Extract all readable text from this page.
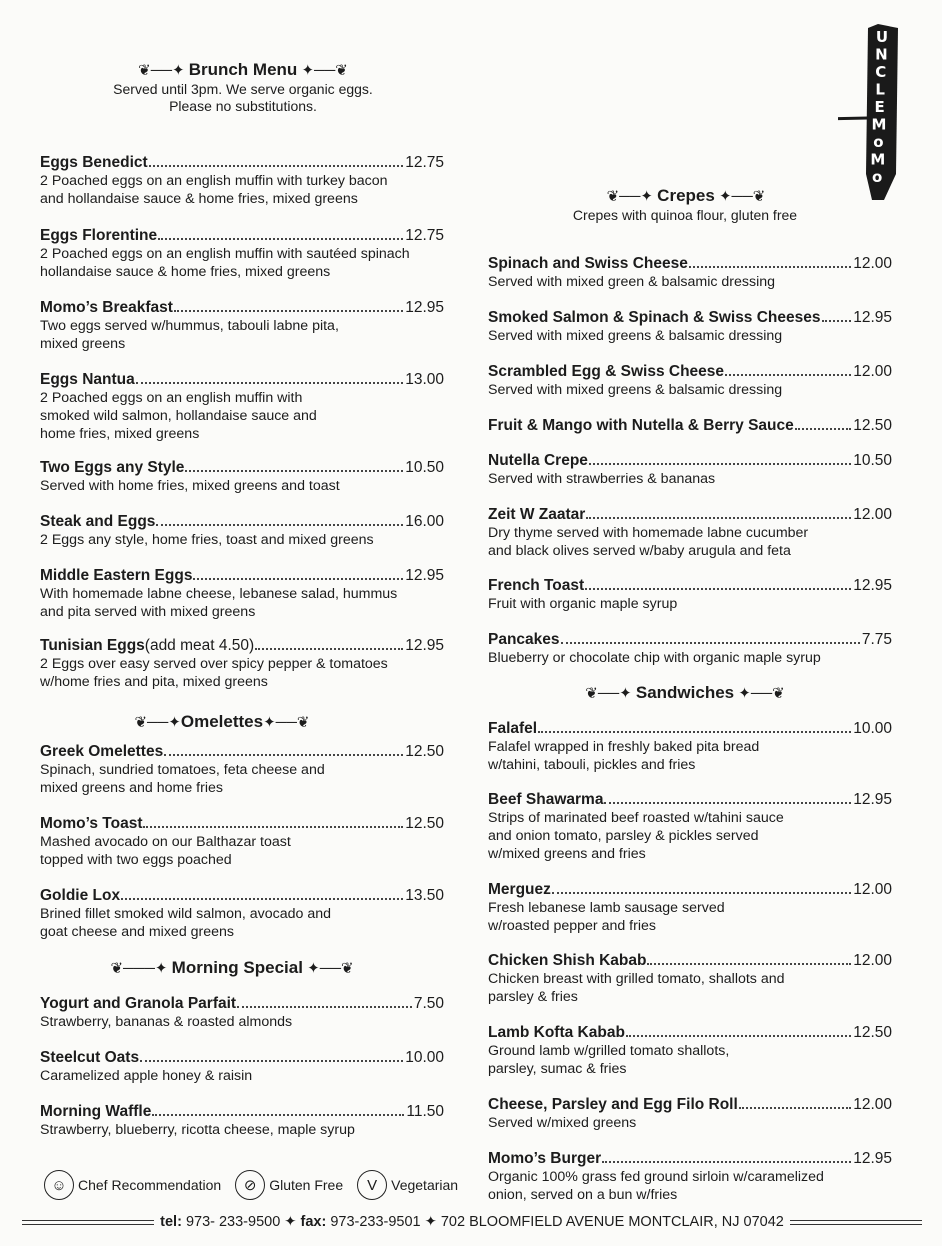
U
N
C
L
E
M
o
M
o
❦──✦ Brunch Menu ✦──❦
Served until 3pm. We serve organic eggs.
Please no substitutions.
Eggs Benedict	12.75
2 Poached eggs on an english muffin with turkey bacon
and hollandaise sauce & home fries, mixed greens
Eggs Florentine	12.75
2 Poached eggs on an english muffin with sautéed spinach
hollandaise sauce & home fries, mixed greens
Momo’s Breakfast	12.95
Two eggs served w/hummus, tabouli labne pita,
mixed greens
Eggs Nantua	13.00
2 Poached eggs on an english muffin with
smoked wild salmon, hollandaise sauce and
home fries, mixed greens
Two Eggs any Style	10.50
Served with home fries, mixed greens and toast
Steak and Eggs	16.00
2 Eggs any style, home fries, toast and mixed greens
Middle Eastern Eggs	12.95
With homemade labne cheese, lebanese salad, hummus
and pita served with mixed greens
Tunisian Eggs (add meat 4.50)	12.95
2 Eggs over easy served over spicy pepper & tomatoes
w/home fries and pita, mixed greens
❦──✦Omelettes✦──❦
Greek Omelettes	12.50
Spinach, sundried tomatoes, feta cheese and
mixed greens and home fries
Momo’s Toast	12.50
Mashed avocado on our Balthazar toast
topped with two eggs poached
Goldie Lox	13.50
Brined fillet smoked wild salmon, avocado and
goat cheese and mixed greens
❦───✦ Morning Special ✦──❦
Yogurt and Granola Parfait	7.50
Strawberry, bananas & roasted almonds
Steelcut Oats	10.00
Caramelized apple honey & raisin
Morning Waffle	11.50
Strawberry, blueberry, ricotta cheese, maple syrup
❦──✦ Crepes ✦──❦
Crepes with quinoa flour, gluten free
Spinach and Swiss Cheese	12.00
Served with mixed green & balsamic dressing
Smoked Salmon & Spinach & Swiss Cheeses 12.95
Served with mixed greens & balsamic dressing
Scrambled Egg & Swiss Cheese	12.00
Served with mixed greens & balsamic dressing
Fruit & Mango with Nutella & Berry Sauce	12.50
Nutella Crepe	10.50
Served with strawberries & bananas
Zeit W Zaatar	12.00
Dry thyme served with homemade labne cucumber
and black olives served w/baby arugula and feta
French Toast	12.95
Fruit with organic maple syrup
Pancakes	7.75
Blueberry or chocolate chip with organic maple syrup
❦──✦ Sandwiches ✦──❦
Falafel	10.00
Falafel wrapped in freshly baked pita bread
w/tahini, tabouli, pickles and fries
Beef Shawarma	12.95
Strips of marinated beef roasted w/tahini sauce
and onion tomato, parsley & pickles served
w/mixed greens and fries
Merguez	12.00
Fresh lebanese lamb sausage served
w/roasted pepper and fries
Chicken Shish Kabab	12.00
Chicken breast with grilled tomato, shallots and
parsley & fries
Lamb Kofta Kabab	12.50
Ground lamb w/grilled tomato shallots,
parsley, sumac & fries
Cheese, Parsley and Egg Filo Roll	12.00
Served w/mixed greens
Momo’s Burger	12.95
Organic 100% grass fed ground sirloin w/caramelized
onion, served on a bun w/fries
☺ Chef Recommendation	⊘ Gluten Free	V	Vegetarian
tel: 973- 233-9500 ✦ fax: 973-233-9501 ✦ 702 BLOOMFIELD AVENUE MONTCLAIR, NJ 07042
